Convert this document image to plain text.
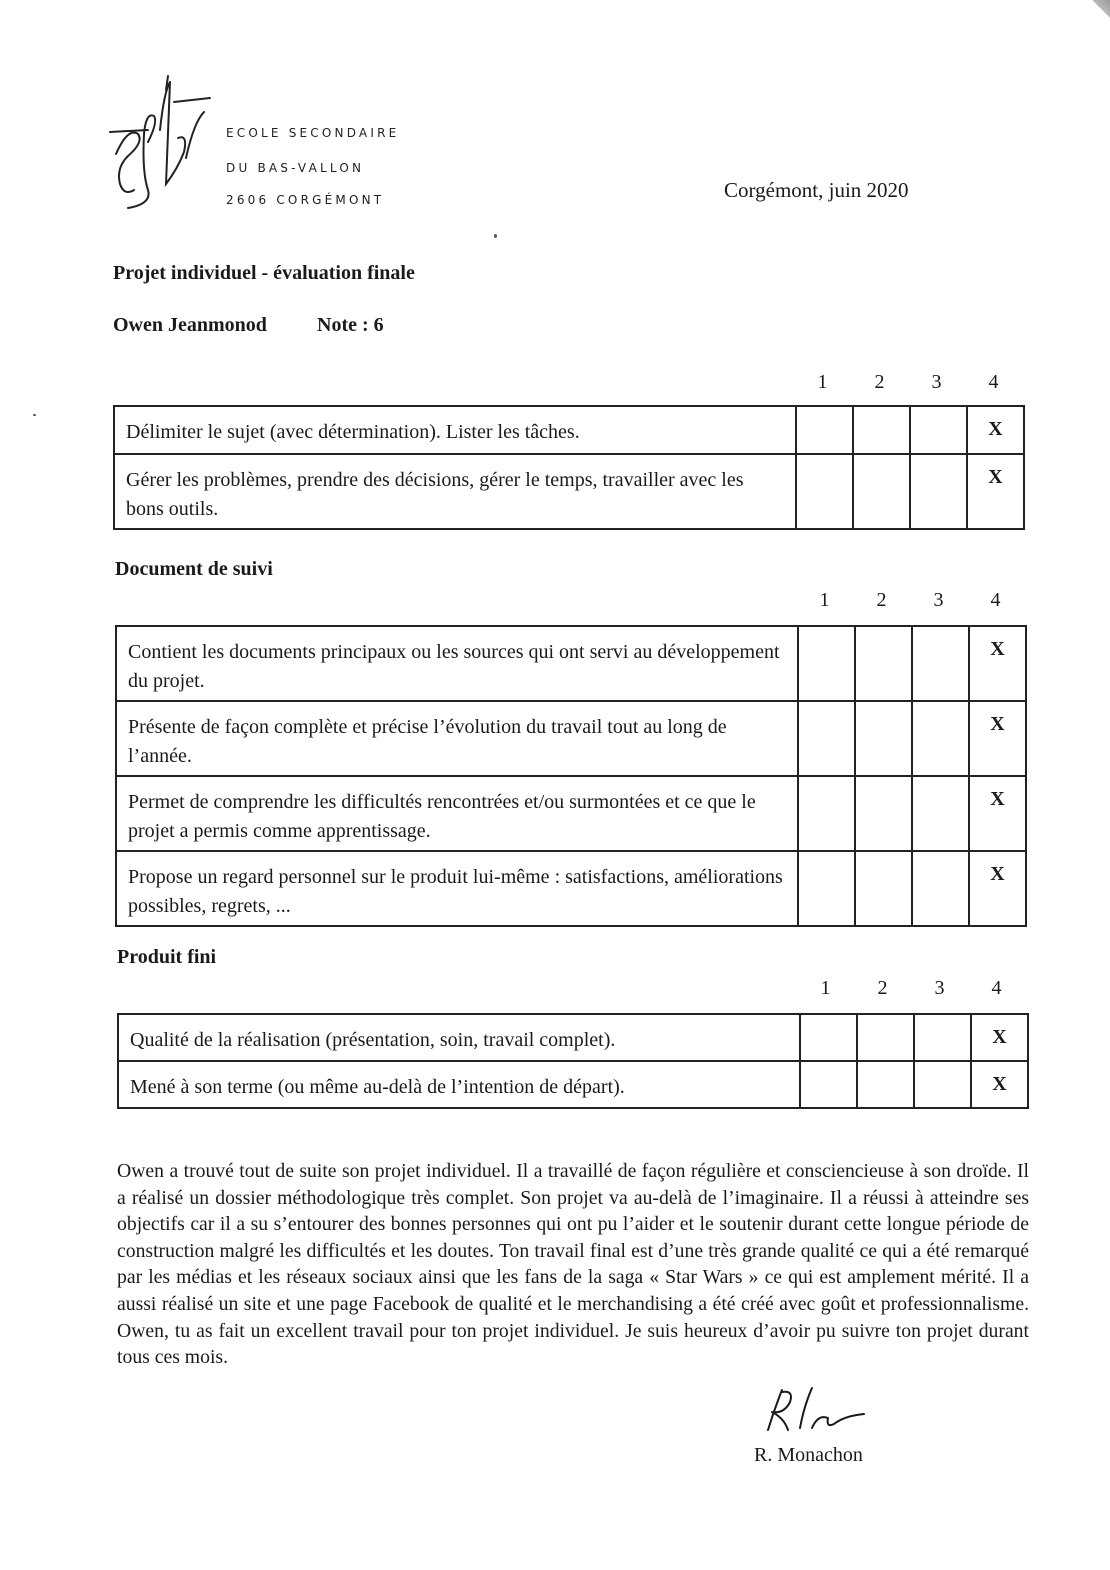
ECOLE SECONDAIRE
DU BAS-VALLON
2606 CORGÉMONT	Corgémont, juin 2020
Projet individuel - évaluation finale
Owen Jeanmonod	Note : 6
1	2	3	4
Délimiter le sujet (avec détermination). Lister les tâches.				X
Gérer les problèmes, prendre des décisions, gérer le temps, travailler avec les bons outils.				X
Document de suivi
1	2	3	4
Contient les documents principaux ou les sources qui ont servi au développement du projet.				X
Présente de façon complète et précise l’évolution du travail tout au long de l’année.				X
Permet de comprendre les difficultés rencontrées et/ou surmontées et ce que le projet a permis comme apprentissage.				X
Propose un regard personnel sur le produit lui-même : satisfactions, améliorations possibles, regrets, ...				X
Produit fini
1	2	3	4
Qualité de la réalisation (présentation, soin, travail complet).				X
Mené à son terme (ou même au-delà de l’intention de départ).				X
Owen a trouvé tout de suite son projet individuel. Il a travaillé de façon régulière et consciencieuse à son droïde. Il a réalisé un dossier méthodologique très complet. Son projet va au-delà de l’imaginaire. Il a réussi à atteindre ses objectifs car il a su s’entourer des bonnes personnes qui ont pu l’aider et le soutenir durant cette longue période de construction malgré les difficultés et les doutes. Ton travail final est d’une très grande qualité ce qui a été remarqué par les médias et les réseaux sociaux ainsi que les fans de la saga « Star Wars » ce qui est amplement mérité. Il a aussi réalisé un site et une page Facebook de qualité et le merchandising a été créé avec goût et professionnalisme. Owen, tu as fait un excellent travail pour ton projet individuel. Je suis heureux d’avoir pu suivre ton projet durant tous ces mois.
R. Monachon
